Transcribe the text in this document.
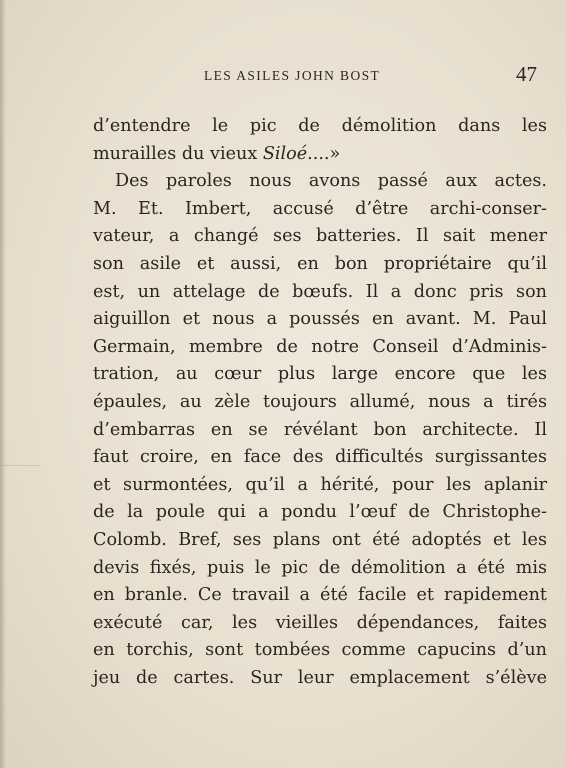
LES ASILES JOHN BOST	47
d’entendre le pic de démolition dans les
murailles du vieux Siloé....»
Des paroles nous avons passé aux actes.
M. Et. Imbert, accusé d’être archi-conser-
vateur, a changé ses batteries. Il sait mener
son asile et aussi, en bon propriétaire qu’il
est, un attelage de bœufs. Il a donc pris son
aiguillon et nous a poussés en avant. M. Paul
Germain, membre de notre Conseil d’Adminis-
tration, au cœur plus large encore que les
épaules, au zèle toujours allumé, nous a tirés
d’embarras en se révélant bon architecte. Il
faut croire, en face des difficultés surgissantes
et surmontées, qu’il a hérité, pour les aplanir
de la poule qui a pondu l’œuf de Christophe-
Colomb. Bref, ses plans ont été adoptés et les
devis fixés, puis le pic de démolition a été mis
en branle. Ce travail a été facile et rapidement
exécuté car, les vieilles dépendances, faites
en torchis, sont tombées comme capucins d’un
jeu de cartes. Sur leur emplacement s’élève
